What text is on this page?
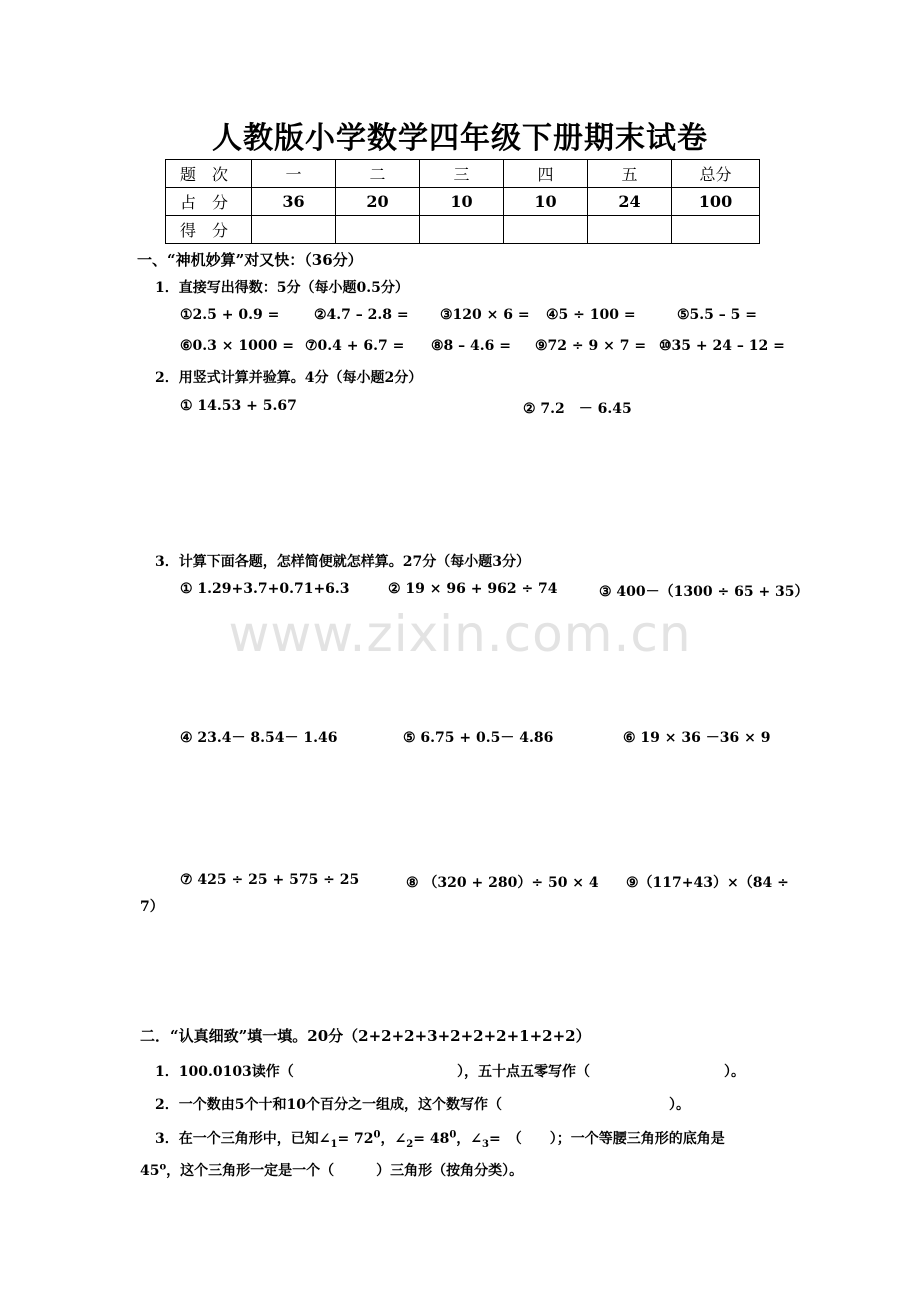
www.zixin.com.cn
人教版小学数学四年级下册期末试卷
题　次	一	二	三	四	五	总分
占　分	36	20	10	10	24	100
得　分						
一、“神机妙算”对又快：（36分）
1．直接写出得数：5分（每小题0.5分）
①2.5 + 0.9 = ②4.7 – 2.8 = ③120 × 6 = ④5 ÷ 100 =	⑤5.5 – 5 =
⑥0.3 × 1000 = ⑦0.4 + 6.7 = ⑧8 – 4.6 = ⑨72 ÷ 9 × 7 = ⑩35 + 24 – 12 =
2．用竖式计算并验算。4分（每小题2分）
① 14.53 + 5.67	② 7.2　－ 6.45
3．计算下面各题，怎样简便就怎样算。27分（每小题3分）
① 1.29+3.7+0.71+6.3	② 19 × 96 + 962 ÷ 74	③ 400－（1300 ÷ 65 + 35）
④ 23.4－ 8.54－ 1.46	⑤ 6.75 + 0.5－ 4.86	⑥ 19 × 36 －36 × 9
⑦ 425 ÷ 25 + 575 ÷ 25	⑧ （320 + 280）÷ 50 × 4 ⑨（117+43）×（84 ÷
7）
二．“认真细致”填一填。20分（2+2+2+3+2+2+2+1+2+2）
1．100.0103读作（	），五十点五零写作（	）。
2．一个数由5个十和10个百分之一组成，这个数写作（	）。
3．在一个三角形中，已知$\angle_1= 72^0$，$\angle_2= 48^0$，$\angle_3=$　（　　）；一个等腰三角形的底角是
45$^o$，这个三角形一定是一个（　　　）三角形（按角分类）。
